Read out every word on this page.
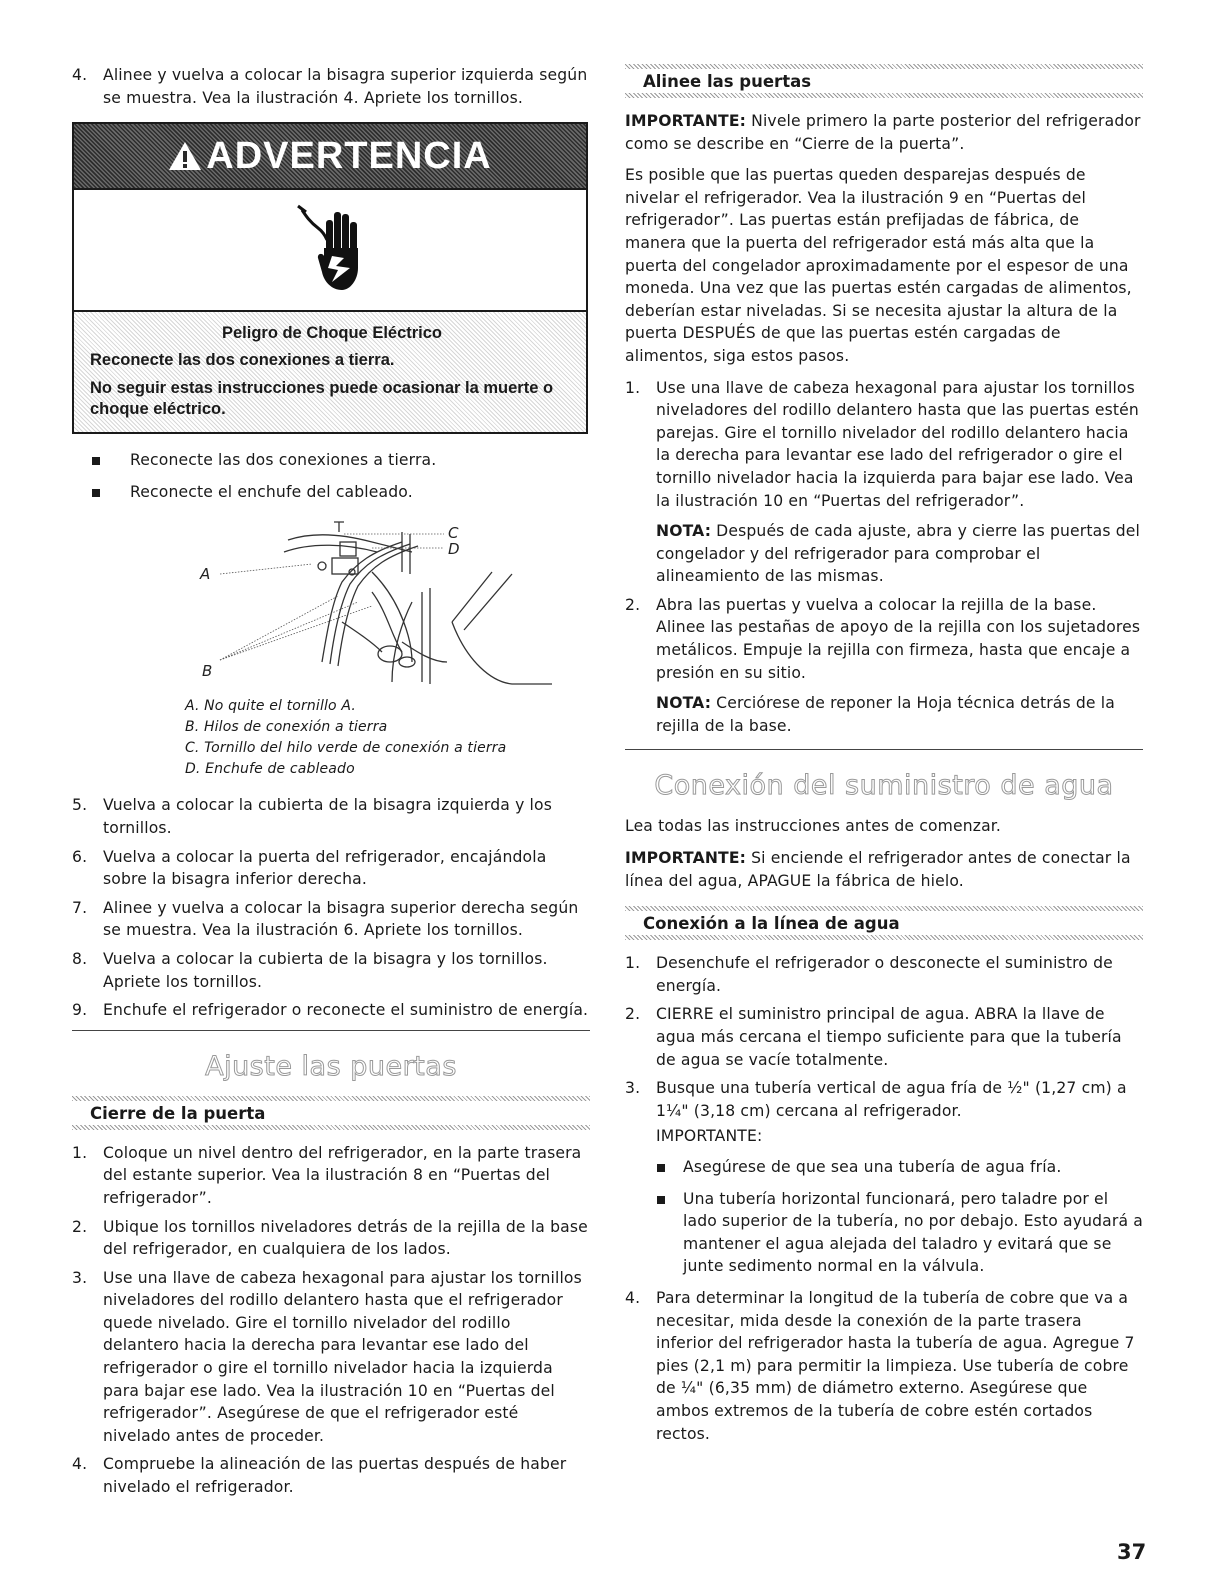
4. Alinee y vuelva a colocar la bisagra superior izquierda según se muestra. Vea la ilustración 4. Apriete los tornillos.
ADVERTENCIA
Peligro de Choque Eléctrico
Reconecte las dos conexiones a tierra.
No seguir estas instrucciones puede ocasionar la muerte o choque eléctrico.
Reconecte las dos conexiones a tierra.
Reconecte el enchufe del cableado.
C
D
A
B

A. No quite el tornillo A.

B. Hilos de conexión a tierra

C. Tornillo del hilo verde de conexión a tierra

D. Enchufe de cableado

5. Vuelva a colocar la cubierta de la bisagra izquierda y los tornillos.
6. Vuelva a colocar la puerta del refrigerador, encajándola sobre la bisagra inferior derecha.
7. Alinee y vuelva a colocar la bisagra superior derecha según se muestra. Vea la ilustración 6. Apriete los tornillos.
8. Vuelva a colocar la cubierta de la bisagra y los tornillos. Apriete los tornillos.
9. Enchufe el refrigerador o reconecte el suministro de energía.
Ajuste las puertas
Cierre de la puerta
1. Coloque un nivel dentro del refrigerador, en la parte trasera del estante superior. Vea la ilustración 8 en “Puertas del refrigerador”.
2. Ubique los tornillos niveladores detrás de la rejilla de la base del refrigerador, en cualquiera de los lados.
3. Use una llave de cabeza hexagonal para ajustar los tornillos niveladores del rodillo delantero hasta que el refrigerador quede nivelado. Gire el tornillo nivelador del rodillo delantero hacia la derecha para levantar ese lado del refrigerador o gire el tornillo nivelador hacia la izquierda para bajar ese lado. Vea la ilustración 10 en “Puertas del refrigerador”. Asegúrese de que el refrigerador esté nivelado antes de proceder.
4. Compruebe la alineación de las puertas después de haber nivelado el refrigerador.
Alinee las puertas

IMPORTANTE: Nivele primero la parte posterior del refrigerador como se describe en “Cierre de la puerta”.

Es posible que las puertas queden desparejas después de nivelar el refrigerador. Vea la ilustración 9 en “Puertas del refrigerador”. Las puertas están prefijadas de fábrica, de manera que la puerta del refrigerador está más alta que la puerta del congelador aproximadamente por el espesor de una moneda. Una vez que las puertas estén cargadas de alimentos, deberían estar niveladas. Si se necesita ajustar la altura de la puerta DESPUÉS de que las puertas estén cargadas de alimentos, siga estos pasos.

1. Use una llave de cabeza hexagonal para ajustar los tornillos niveladores del rodillo delantero hasta que las puertas estén parejas. Gire el tornillo nivelador del rodillo delantero hacia la derecha para levantar ese lado del refrigerador o gire el tornillo nivelador hacia la izquierda para bajar ese lado. Vea la ilustración 10 en “Puertas del refrigerador”.

NOTA: Después de cada ajuste, abra y cierre las puertas del congelador y del refrigerador para comprobar el alineamiento de las mismas.

2. Abra las puertas y vuelva a colocar la rejilla de la base. Alinee las pestañas de apoyo de la rejilla con los sujetadores metálicos. Empuje la rejilla con firmeza, hasta que encaje a presión en su sitio.

NOTA: Cerciórese de reponer la Hoja técnica detrás de la rejilla de la base.

Conexión del suministro de agua

Lea todas las instrucciones antes de comenzar.

IMPORTANTE: Si enciende el refrigerador antes de conectar la línea del agua, APAGUE la fábrica de hielo.

Conexión a la línea de agua
1. Desenchufe el refrigerador o desconecte el suministro de energía.
2. CIERRE el suministro principal de agua. ABRA la llave de agua más cercana el tiempo suficiente para que la tubería de agua se vacíe totalmente.
3. Busque una tubería vertical de agua fría de ½" (1,27 cm) a 1¼" (3,18 cm) cercana al refrigerador.

IMPORTANTE:

Asegúrese de que sea una tubería de agua fría.
Una tubería horizontal funcionará, pero taladre por el lado superior de la tubería, no por debajo. Esto ayudará a mantener el agua alejada del taladro y evitará que se junte sedimento normal en la válvula.
4. Para determinar la longitud de la tubería de cobre que va a necesitar, mida desde la conexión de la parte trasera inferior del refrigerador hasta la tubería de agua. Agregue 7 pies (2,1 m) para permitir la limpieza. Use tubería de cobre de ¼" (6,35 mm) de diámetro externo. Asegúrese que ambos extremos de la tubería de cobre estén cortados rectos.
37
